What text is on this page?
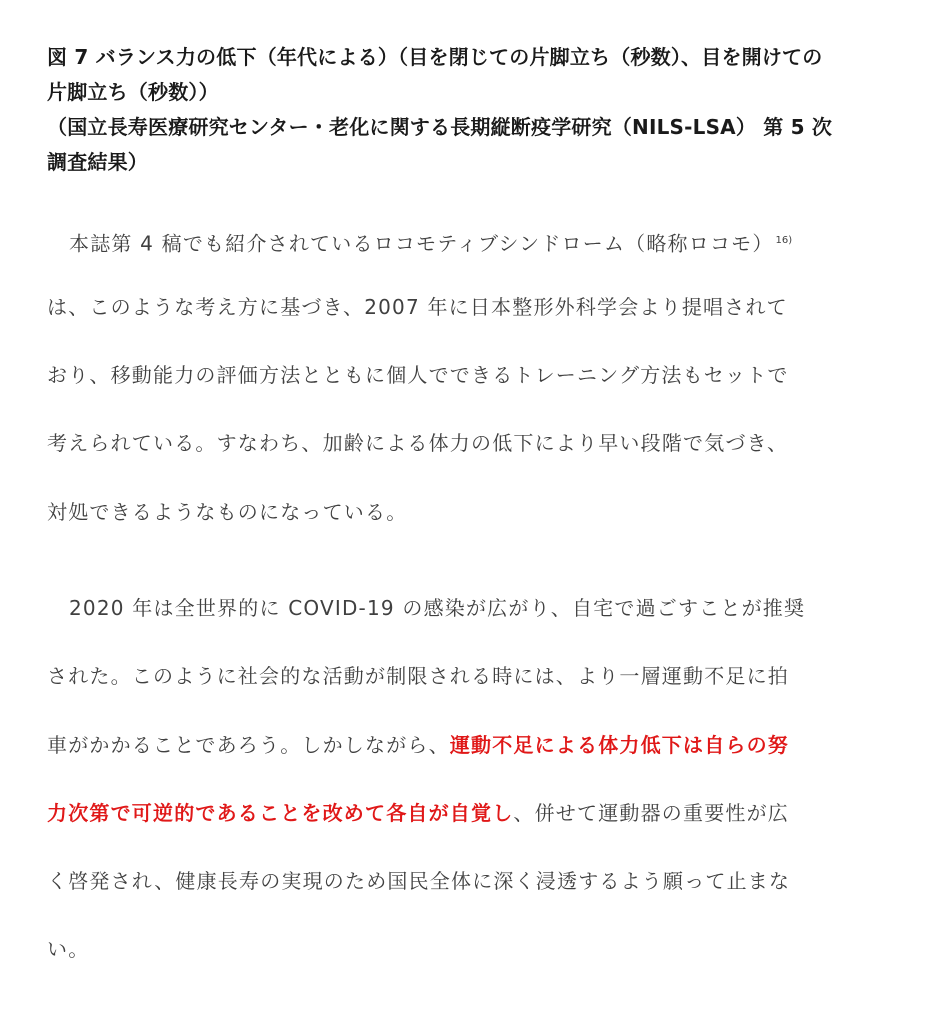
図 7 バランス力の低下（年代による）（目を閉じての片脚立ち（秒数）、目を開けての
片脚立ち（秒数））
（国立長寿医療研究センター・老化に関する長期縦断疫学研究（NILS-LSA） 第 5 次
調査結果）
本誌第 4 稿でも紹介されているロコモティブシンドローム（略称ロコモ） $^{16)}$
は、このような考え方に基づき、2007 年に日本整形外科学会より提唱されて
おり、移動能力の評価方法とともに個人でできるトレーニング方法もセットで
考えられている。すなわち、加齢による体力の低下により早い段階で気づき、
対処できるようなものになっている。
2020 年は全世界的に COVID-19 の感染が広がり、自宅で過ごすことが推奨
された。このように社会的な活動が制限される時には、より一層運動不足に拍
車がかかることであろう。しかしながら、運動不足による体力低下は自らの努
力次第で可逆的であることを改めて各自が自覚し、併せて運動器の重要性が広
く啓発され、健康長寿の実現のため国民全体に深く浸透するよう願って止まな
い。
